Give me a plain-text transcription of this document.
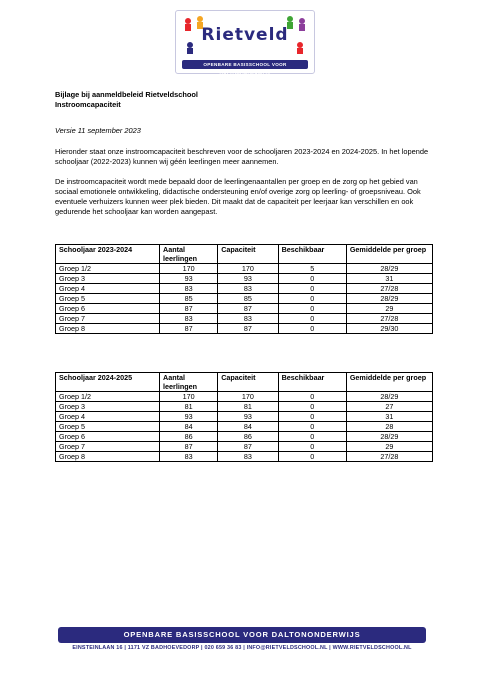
Rietveld
OPENBARE BASISSCHOOL VOOR DALTONONDERWIJS

Bijlage bij aanmeldbeleid Rietveldschool

Instroomcapaciteit

Versie 11 september 2023

Hieronder staat onze instroomcapaciteit beschreven voor de schooljaren 2023-2024 en 2024-2025. In het lopende schooljaar (2022-2023) kunnen wij géén leerlingen meer aannemen.

De instroomcapaciteit wordt mede bepaald door de leerlingenaantallen per groep en de zorg op het gebied van sociaal emotionele ontwikkeling, didactische ondersteuning en/of overige zorg op leerling- of groepsniveau. Ook eventuele verhuizers kunnen weer plek bieden. Dit maakt dat de capaciteit per leerjaar kan verschillen en ook gedurende het schooljaar kan worden aangepast.

Schooljaar 2023-2024	Aantal leerlingen	Capaciteit	Beschikbaar	Gemiddelde per groep
Groep 1/2	170	170	5	28/29
Groep 3	93	93	0	31
Groep 4	83	83	0	27/28
Groep 5	85	85	0	28/29
Groep 6	87	87	0	29
Groep 7	83	83	0	27/28
Groep 8	87	87	0	29/30
Schooljaar 2024-2025	Aantal leerlingen	Capaciteit	Beschikbaar	Gemiddelde per groep
Groep 1/2	170	170	0	28/29
Groep 3	81	81	0	27
Groep 4	93	93	0	31
Groep 5	84	84	0	28
Groep 6	86	86	0	28/29
Groep 7	87	87	0	29
Groep 8	83	83	0	27/28
OPENBARE BASISSCHOOL VOOR DALTONONDERWIJS
EINSTEINLAAN 16 | 1171 VZ BADHOEVEDORP | 020 659 36 83 | INFO@RIETVELDSCHOOL.NL | WWW.RIETVELDSCHOOL.NL
